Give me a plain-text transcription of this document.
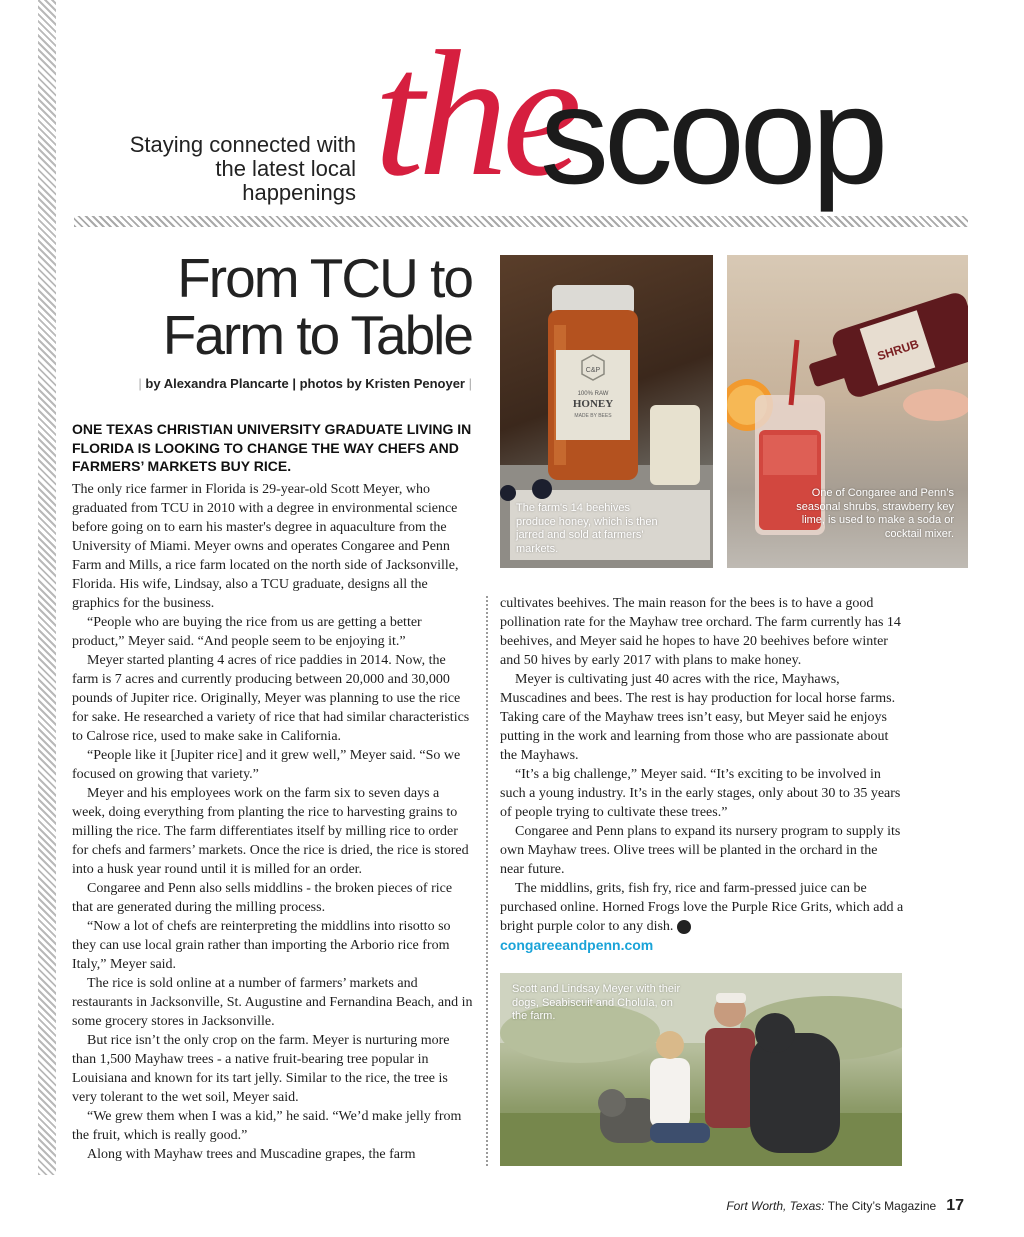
Staying connected with the latest local happenings the
scoop
From TCU to Farm to Table
| by Alexandra Plancarte | photos by Kristen Penoyer |
ONE TEXAS CHRISTIAN UNIVERSITY GRADUATE LIVING IN FLORIDA IS LOOKING TO CHANGE THE WAY CHEFS AND FARMERS’ MARKETS BUY RICE.

The only rice farmer in Florida is 29-year-old Scott Meyer, who graduated from TCU in 2010 with a degree in environmental science before going on to earn his master's degree in aquaculture from the University of Miami. Meyer owns and operates Congaree and Penn Farm and Mills, a rice farm located on the north side of Jacksonville, Florida. His wife, Lindsay, also a TCU graduate, designs all the graphics for the business.

“People who are buying the rice from us are getting a better product,” Meyer said. “And people seem to be enjoying it.”

Meyer started planting 4 acres of rice paddies in 2014. Now, the farm is 7 acres and currently producing between 20,000 and 30,000 pounds of Jupiter rice. Originally, Meyer was planning to use the rice for sake. He researched a variety of rice that had similar characteristics to Calrose rice, used to make sake in California.

“People like it [Jupiter rice] and it grew well,” Meyer said. “So we focused on growing that variety.”

Meyer and his employees work on the farm six to seven days a week, doing everything from planting the rice to harvesting grains to milling the rice. The farm differentiates itself by milling rice to order for chefs and farmers’ markets. Once the rice is dried, the rice is stored into a husk year round until it is milled for an order.

Congaree and Penn also sells middlins - the broken pieces of rice that are generated during the milling process.

“Now a lot of chefs are reinterpreting the middlins into risotto so they can use local grain rather than importing the Arborio rice from Italy,” Meyer said.

The rice is sold online at a number of farmers’ markets and restaurants in Jacksonville, St. Augustine and Fernandina Beach, and in some grocery stores in Jacksonville.

But rice isn’t the only crop on the farm. Meyer is nurturing more than 1,500 Mayhaw trees - a native fruit-bearing tree popular in Louisiana and known for its tart jelly. Similar to the rice, the tree is very tolerant to the wet soil, Meyer said.

“We grew them when I was a kid,” he said. “We’d make jelly from the fruit, which is really good.”

Along with Mayhaw trees and Muscadine grapes, the farm

cultivates beehives. The main reason for the bees is to have a good pollination rate for the Mayhaw tree orchard. The farm currently has 14 beehives, and Meyer said he hopes to have 20 beehives before winter and 50 hives by early 2017 with plans to make honey.

Meyer is cultivating just 40 acres with the rice, Mayhaws, Muscadines and bees. The rest is hay production for local horse farms. Taking care of the Mayhaw trees isn’t easy, but Meyer said he enjoys putting in the work and learning from those who are passionate about the Mayhaws.

“It’s a big challenge,” Meyer said. “It’s exciting to be involved in such a young industry. It’s in the early stages, only about 30 to 35 years of people trying to cultivate these trees.”

Congaree and Penn plans to expand its nursery program to supply its own Mayhaw trees. Olive trees will be planted in the orchard in the near future.

The middlins, grits, fish fry, rice and farm-pressed juice can be purchased online. Horned Frogs love the Purple Rice Grits, which add a bright purple color to any dish. fw

congareeandpenn.com

C&P
100% RAW
HONEY
MADE BY BEES
The farm's 14 beehives produce honey, which is then jarred and sold at farmers' markets.
SHRUB
One of Congaree and Penn’s seasonal shrubs, strawberry key lime, is used to make a soda or cocktail mixer.
Scott and Lindsay Meyer with their dogs, Seabiscuit and Cholula, on the farm.
Fort Worth, Texas: The City’s Magazine 17
